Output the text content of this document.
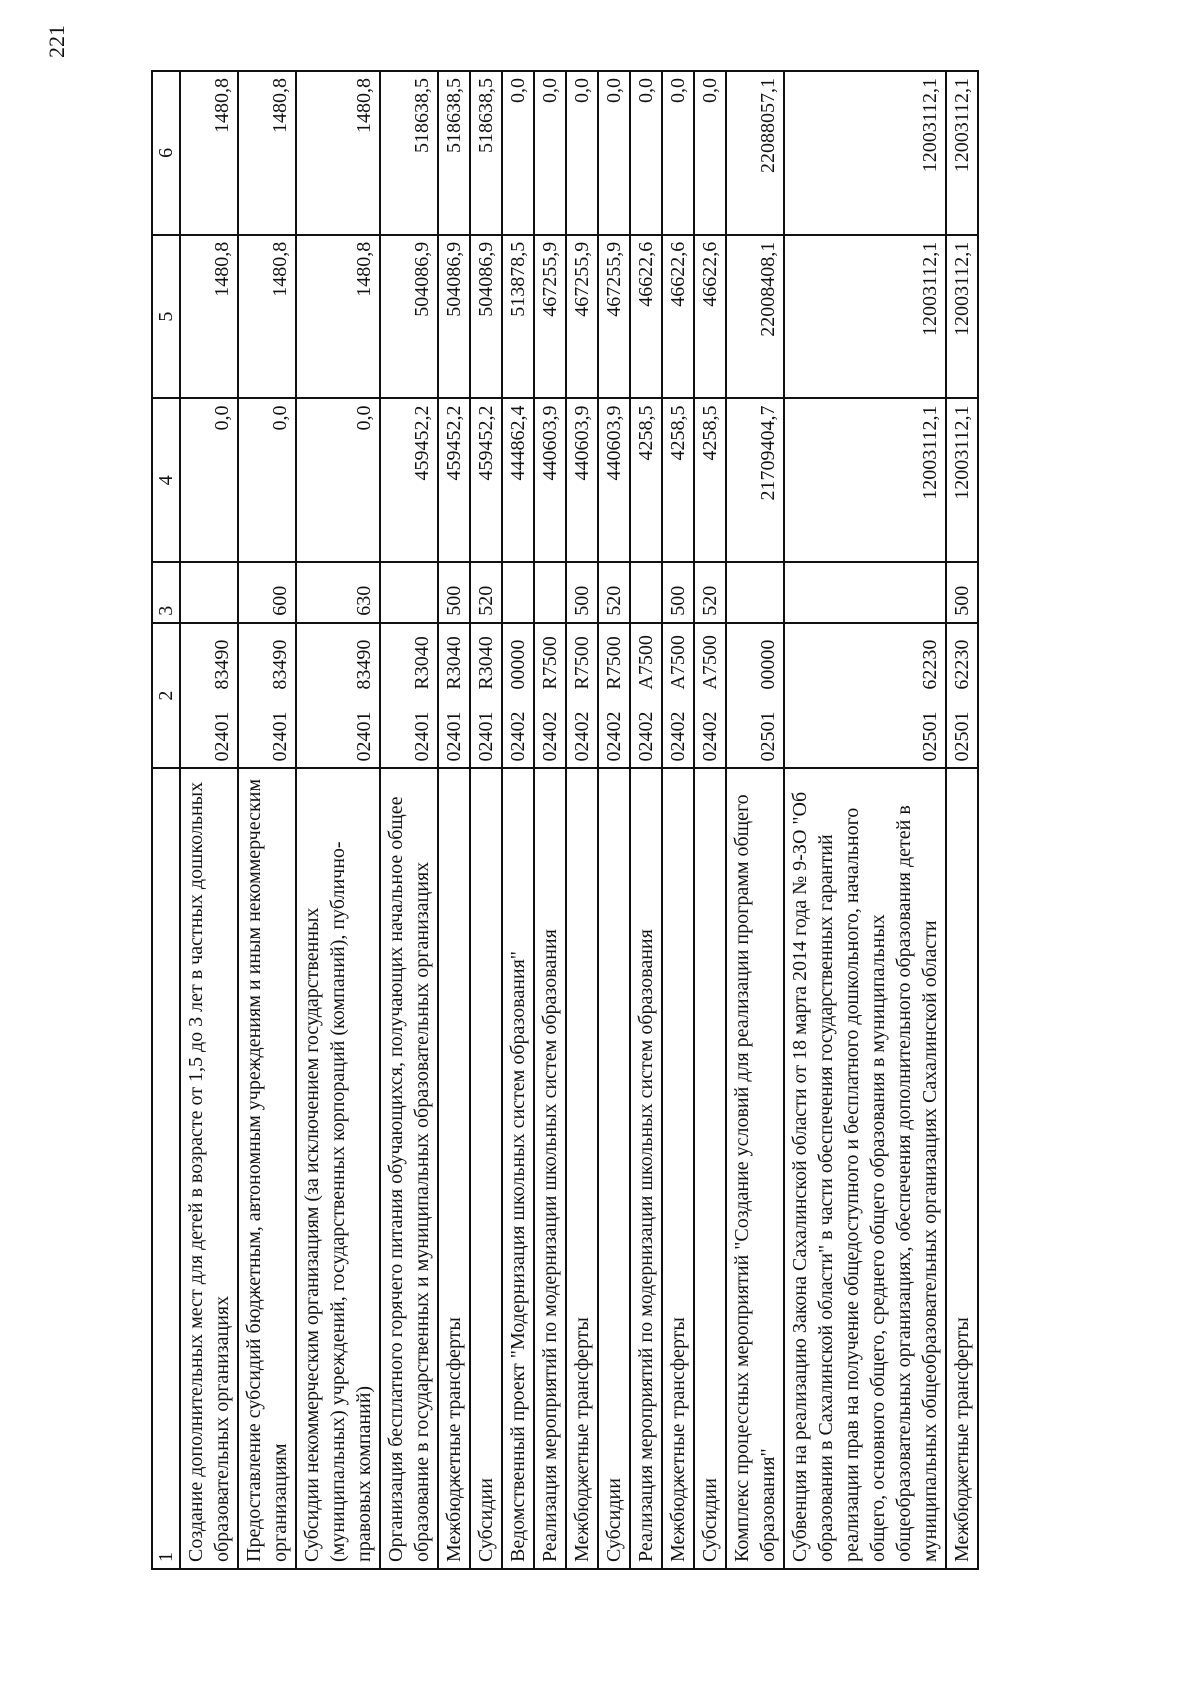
221
1	2		3	4	5	6
Создание дополнительных мест для детей в возрасте от 1,5 до 3 лет в частных дошкольных образовательных организациях	02401	83490		0,0	1480,8	1480,8
Предоставление субсидий бюджетным, автономным учреждениям и иным некоммерческим организациям	02401	83490	600	0,0	1480,8	1480,8
Субсидии некоммерческим организациям (за исключением государственных (муниципальных) учреждений, государственных корпораций (компаний), публично-правовых компаний)	02401	83490	630	0,0	1480,8	1480,8
Организация бесплатного горячего питания обучающихся, получающих начальное общее образование в государственных и муниципальных образовательных организациях	02401	R3040		459452,2	504086,9	518638,5
Межбюджетные трансферты	02401	R3040	500	459452,2	504086,9	518638,5
Субсидии	02401	R3040	520	459452,2	504086,9	518638,5
Ведомственный проект "Модернизация школьных систем образования"	02402	00000		444862,4	513878,5	0,0
Реализация мероприятий по модернизации школьных систем образования	02402	R7500		440603,9	467255,9	0,0
Межбюджетные трансферты	02402	R7500	500	440603,9	467255,9	0,0
Субсидии	02402	R7500	520	440603,9	467255,9	0,0
Реализация мероприятий по модернизации школьных систем образования	02402	A7500		4258,5	46622,6	0,0
Межбюджетные трансферты	02402	A7500	500	4258,5	46622,6	0,0
Субсидии	02402	A7500	520	4258,5	46622,6	0,0
Комплекс процессных мероприятий "Создание условий для реализации программ общего образования"	02501	00000		21709404,7	22008408,1	22088057,1
Субвенция на реализацию Закона Сахалинской области от 18 марта 2014 года № 9-ЗО "Об образовании в Сахалинской области" в части обеспечения государственных гарантий реализации прав на получение общедоступного и бесплатного дошкольного, начального общего, основного общего, среднего общего образования в муниципальных общеобразовательных организациях, обеспечения дополнительного образования детей в муниципальных общеобразовательных организациях Сахалинской области	02501	62230		12003112,1	12003112,1	12003112,1
Межбюджетные трансферты	02501	62230	500	12003112,1	12003112,1	12003112,1
